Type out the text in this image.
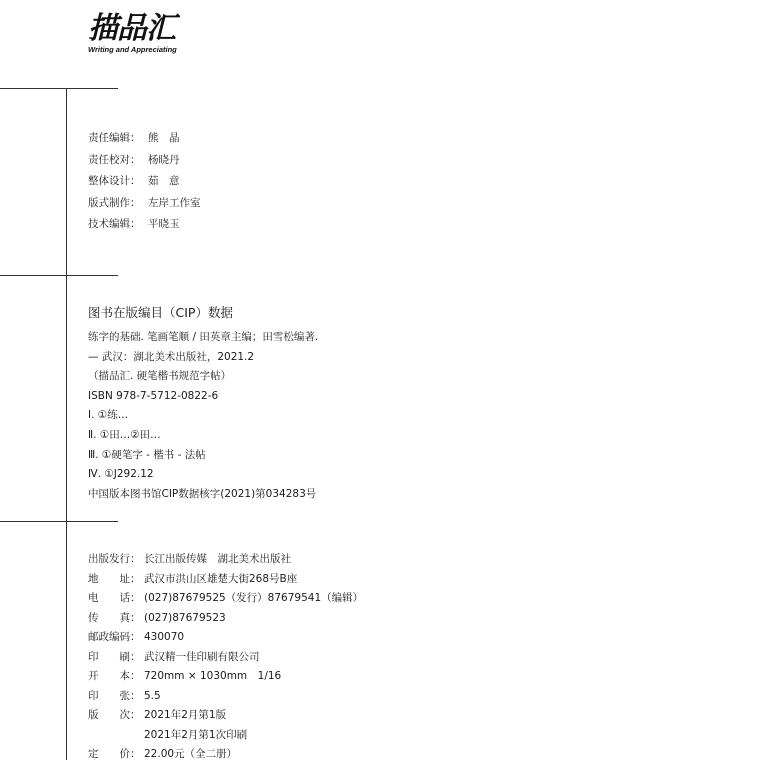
描品汇
Writing and Appreciating
责任编辑： 熊　晶
责任校对： 杨晓丹
整体设计： 茹　意
版式制作： 左岸工作室
技术编辑： 平晓玉
图书在版编目（CIP）数据
练字的基础. 笔画笔顺 / 田英章主编；田雪松编著.
— 武汉：湖北美术出版社，2021.2
（描品汇. 硬笔楷书规范字帖）
ISBN 978-7-5712-0822-6
Ⅰ. ①练…
Ⅱ. ①田…②田…
Ⅲ. ①硬笔字 - 楷书 - 法帖
Ⅳ. ①J292.12
中国版本图书馆CIP数据核字(2021)第034283号
出版发行： 长江出版传媒　湖北美术出版社
地　　址： 武汉市洪山区雄楚大街268号B座
电　　话： (027)87679525（发行）87679541（编辑）
传　　真： (027)87679523
邮政编码： 430070
印　　刷： 武汉精一佳印刷有限公司
开　　本： 720mm × 1030mm　1/16
印　　张： 5.5
版　　次： 2021年2月第1版
2021年2月第1次印刷
定　　价： 22.00元（全二册）
